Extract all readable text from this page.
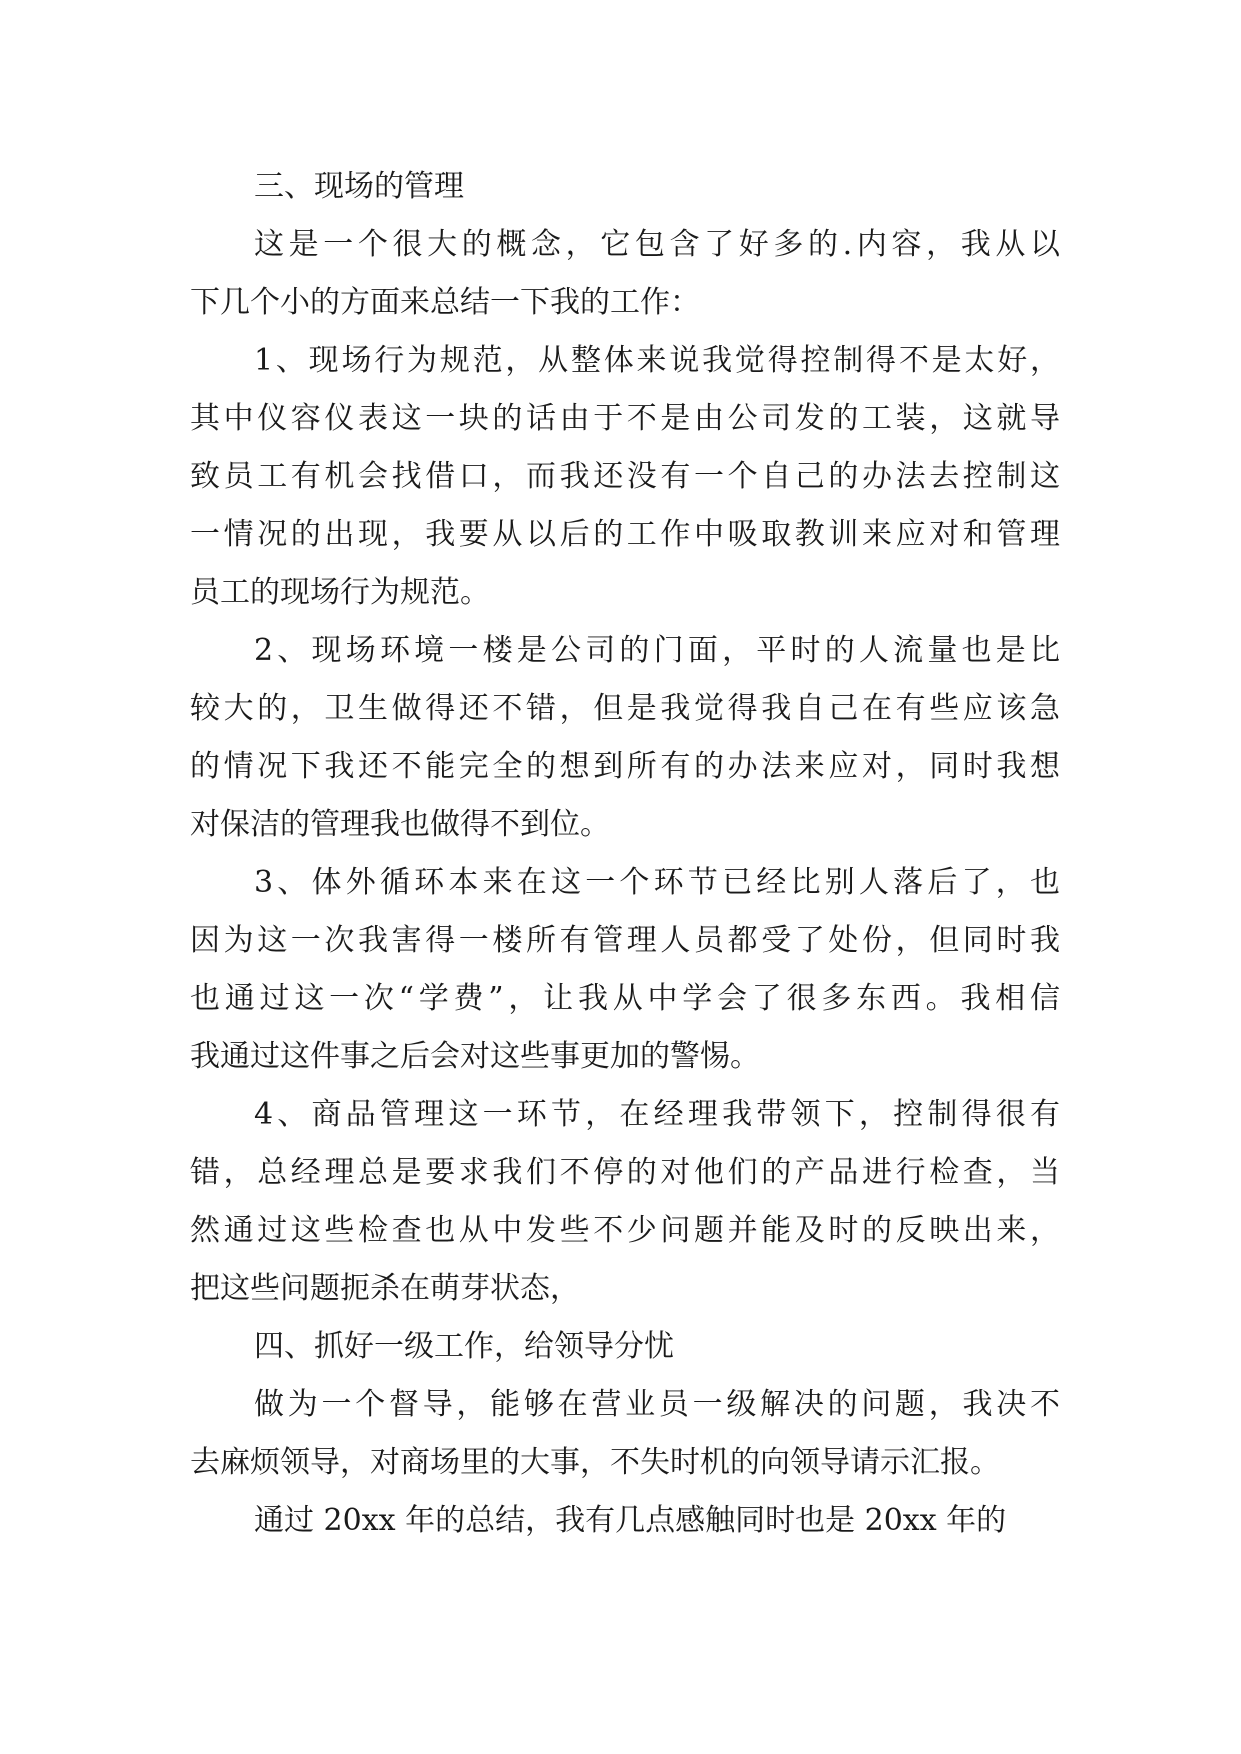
三、现场的管理
这是一个很大的概念，它包含了好多的.内容，我从以
下几个小的方面来总结一下我的工作：
1、现场行为规范，从整体来说我觉得控制得不是太好，
其中仪容仪表这一块的话由于不是由公司发的工装，这就导
致员工有机会找借口，而我还没有一个自己的办法去控制这
一情况的出现，我要从以后的工作中吸取教训来应对和管理
员工的现场行为规范。
2、现场环境一楼是公司的门面，平时的人流量也是比
较大的，卫生做得还不错，但是我觉得我自己在有些应该急
的情况下我还不能完全的想到所有的办法来应对，同时我想
对保洁的管理我也做得不到位。
3、体外循环本来在这一个环节已经比别人落后了，也
因为这一次我害得一楼所有管理人员都受了处份，但同时我
也通过这一次“学费”，让我从中学会了很多东西。我相信
我通过这件事之后会对这些事更加的警惕。
4、商品管理这一环节，在经理我带领下，控制得很有
错，总经理总是要求我们不停的对他们的产品进行检查，当
然通过这些检查也从中发些不少问题并能及时的反映出来，
把这些问题扼杀在萌芽状态，
四、抓好一级工作，给领导分忧
做为一个督导，能够在营业员一级解决的问题，我决不
去麻烦领导，对商场里的大事，不失时机的向领导请示汇报。
通过 20xx 年的总结，我有几点感触同时也是 20xx 年的
